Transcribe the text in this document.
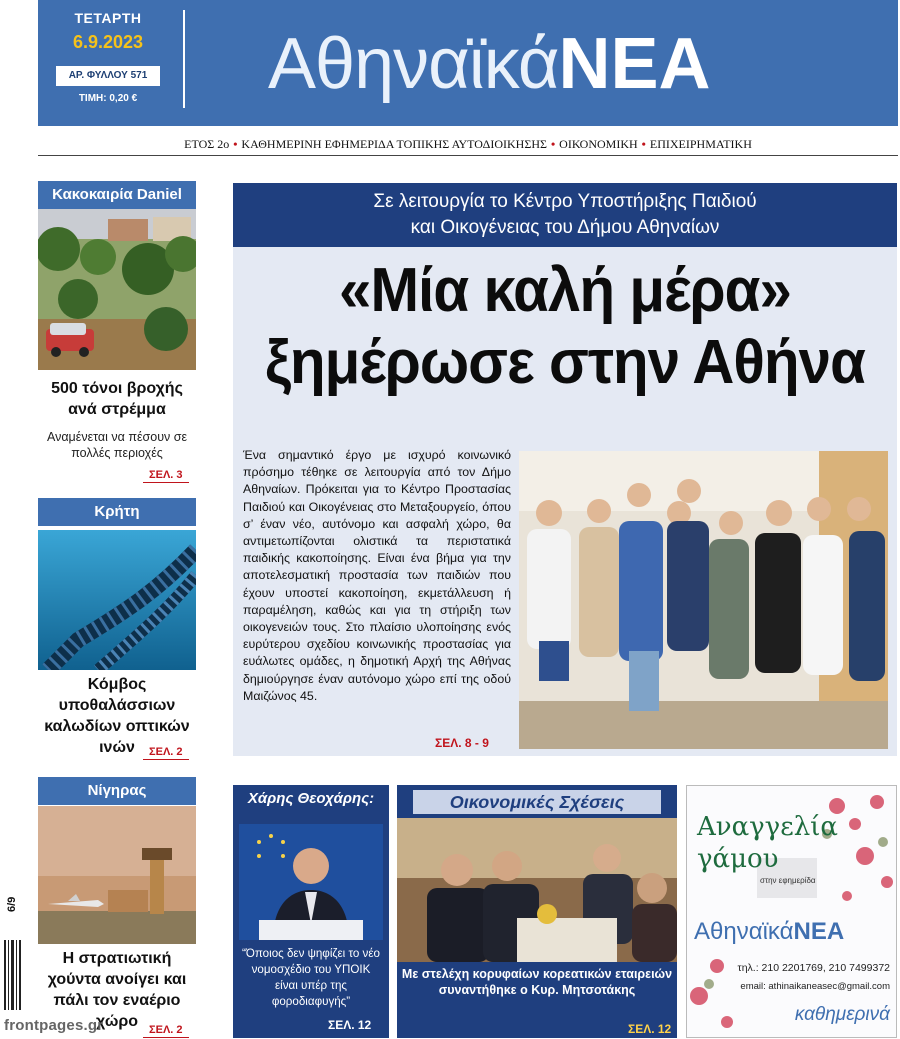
ΤΕΤΑΡΤΗ
6.9.2023
ΑΡ. ΦΥΛΛΟΥ 571
ΤΙΜΗ: 0,20 €	ΑθηναϊκάΝΕΑ
ΕΤΟΣ 2ο • ΚΑΘΗΜΕΡΙΝΗ ΕΦΗΜΕΡΙΔΑ ΤΟΠΙΚΗΣ ΑΥΤΟΔΙΟΙΚΗΣΗΣ • ΟΙΚΟΝΟΜΙΚΗ • ΕΠΙΧΕΙΡΗΜΑΤΙΚΗ
Κακοκαιρία Daniel
500 τόνοι βροχής ανά στρέμμα
Αναμένεται να πέσουν σε πολλές περιοχές
ΣΕΛ. 3
Κρήτη
Κόμβος υποθαλάσσιων καλωδίων οπτικών ινών	ΣΕΛ. 2
Νίγηρας
Η στρατιωτική χούντα ανοίγει και πάλι τον εναέριο χώρο ΣΕΛ. 2
Σε λειτουργία το Κέντρο Υποστήριξης Παιδιού
και Οικογένειας του Δήμου Αθηναίων
«Μία καλή μέρα»
ξημέρωσε στην Αθήνα
Ένα σημαντικό έργο με ισχυρό κοινωνικό πρόσημο τέθηκε σε λειτουργία από τον Δήμο Αθηναίων. Πρόκειται για το Κέντρο Προστασίας Παιδιού και Οικογένειας στο Μεταξουργείο, όπου σ’ έναν νέο, αυτόνομο και ασφαλή χώρο, θα αντιμετωπίζονται ολιστικά τα περιστατικά παιδικής κακοποίησης. Είναι ένα βήμα για την αποτελεσματική προστασία των παιδιών που έχουν υποστεί κακοποίηση, εκμετάλλευση ή παραμέληση, καθώς και για τη στήριξη των οικογενειών τους. Στο πλαίσιο υλοποίησης ενός ευρύτερου σχεδίου κοινωνικής προστασίας για ευάλωτες ομάδες, η δημοτική Αρχή της Αθήνας δημιούργησε έναν αυτόνομο χώρο επί της οδού Μαιζώνος 45.
ΣΕΛ. 8 - 9
Χάρης Θεοχάρης:
“Όποιος δεν ψηφίζει το νέο νομοσχέδιο του ΥΠΟΙΚ είναι υπέρ της φοροδιαφυγής”
ΣΕΛ. 12
Οικονομικές Σχέσεις
Με στελέχη κορυφαίων κορεατικών εταιρειών συναντήθηκε ο Κυρ. Μητσοτάκης
ΣΕΛ. 12
Αναγγελία
γάμου
στην εφημερίδα
ΑθηναϊκάΝΕΑ
τηλ.: 210 2201769, 210 7499372
email: athinaikaneasec@gmail.com
καθημερινά
6/9
frontpages.gr
